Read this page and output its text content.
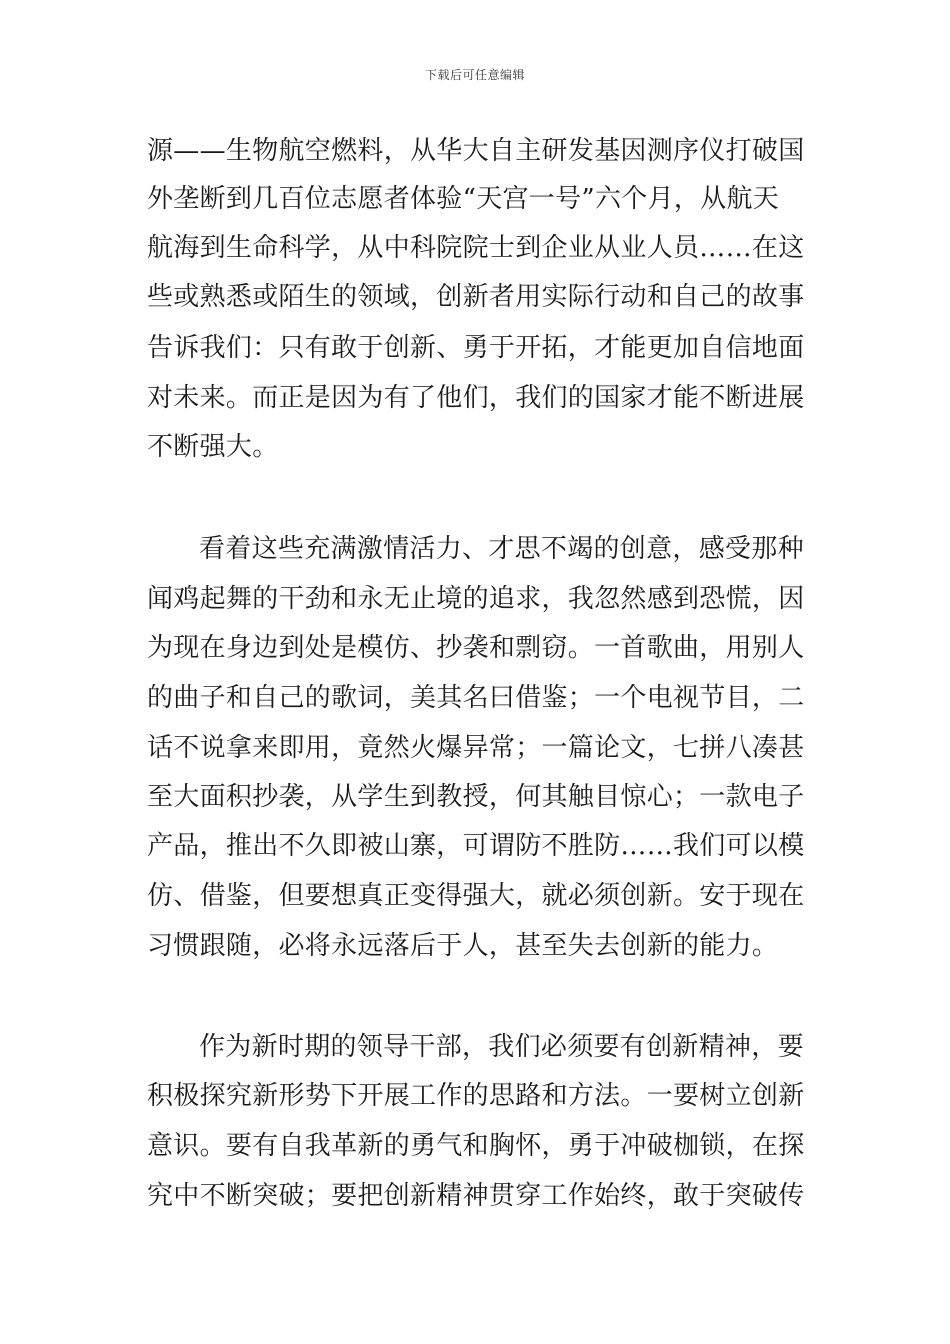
下载后可任意编辑
源——生物航空燃料，从华大自主研发基因测序仪打破国
外垄断到几百位志愿者体验“天宫一号”六个月，从航天
航海到生命科学，从中科院院士到企业从业人员……在这
些或熟悉或陌生的领域，创新者用实际行动和自己的故事
告诉我们：只有敢于创新、勇于开拓，才能更加自信地面
对未来。而正是因为有了他们，我们的国家才能不断进展
不断强大。
看着这些充满激情活力、才思不竭的创意，感受那种
闻鸡起舞的干劲和永无止境的追求，我忽然感到恐慌，因
为现在身边到处是模仿、抄袭和剽窃。一首歌曲，用别人
的曲子和自己的歌词，美其名曰借鉴；一个电视节目，二
话不说拿来即用，竟然火爆异常；一篇论文，七拼八凑甚
至大面积抄袭，从学生到教授，何其触目惊心；一款电子
产品，推出不久即被山寨，可谓防不胜防……我们可以模
仿、借鉴，但要想真正变得强大，就必须创新。安于现在
习惯跟随，必将永远落后于人，甚至失去创新的能力。
作为新时期的领导干部，我们必须要有创新精神，要
积极探究新形势下开展工作的思路和方法。一要树立创新
意识。要有自我革新的勇气和胸怀，勇于冲破枷锁，在探
究中不断突破；要把创新精神贯穿工作始终，敢于突破传
